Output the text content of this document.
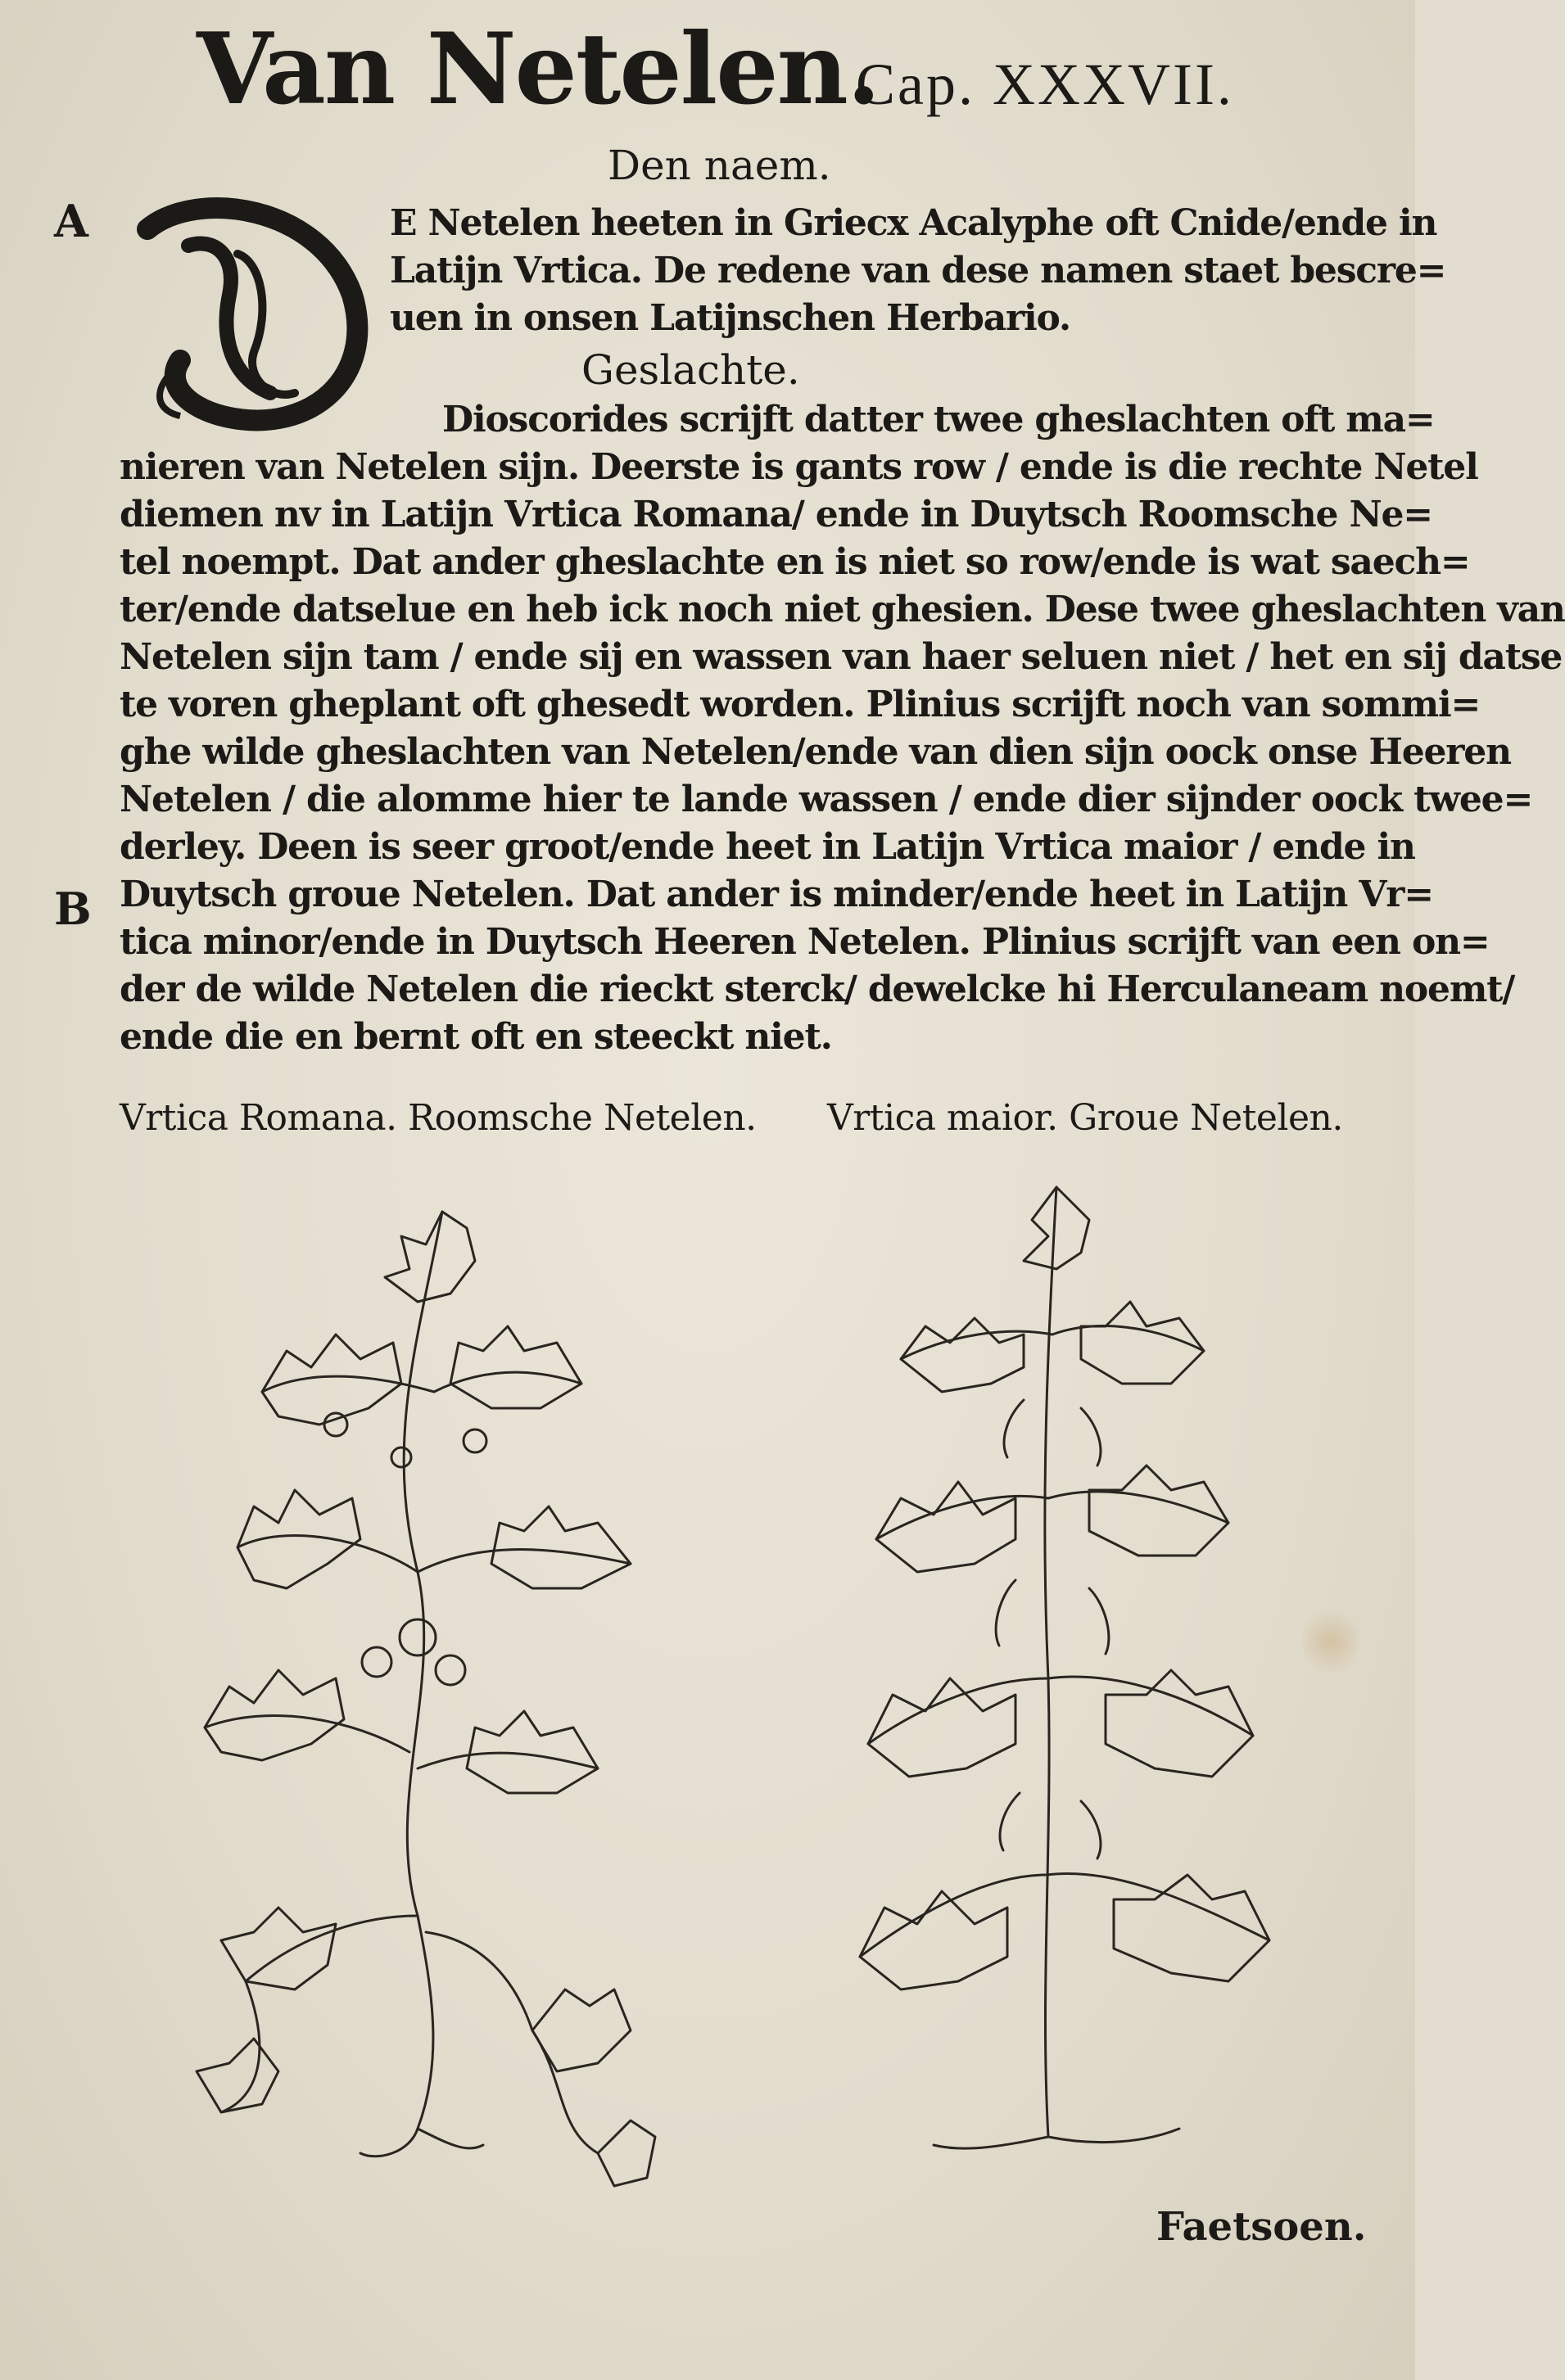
Van Netelen.
Cap. XXXVII.
Den naem.
A
B
E Netelen heeten in Griecx Acalyphe oft Cnide/ende in
Latijn Vrtica. De redene van dese namen staet bescre=
uen in onsen Latijnschen Herbario.
Geslachte.
Dioscorides scrijft datter twee gheslachten oft ma=
nieren van Netelen sijn. Deerste is gants row / ende is die rechte Netel
diemen nv in Latijn Vrtica Romana/ ende in Duytsch Roomsche Ne=
tel noempt. Dat ander gheslachte en is niet so row/ende is wat saech=
ter/ende datselue en heb ick noch niet ghesien. Dese twee gheslachten van
Netelen sijn tam / ende sij en wassen van haer seluen niet / het en sij datse
te voren gheplant oft ghesedt worden. Plinius scrijft noch van sommi=
ghe wilde gheslachten van Netelen/ende van dien sijn oock onse Heeren
Netelen / die alomme hier te lande wassen / ende dier sijnder oock twee=
derley. Deen is seer groot/ende heet in Latijn Vrtica maior / ende in
Duytsch groue Netelen. Dat ander is minder/ende heet in Latijn Vr=
tica minor/ende in Duytsch Heeren Netelen. Plinius scrijft van een on=
der de wilde Netelen die rieckt sterck/ dewelcke hi Herculaneam noemt/
ende die en bernt oft en steeckt niet.
Vrtica Romana. Roomsche Netelen. Vrtica maior. Groue Netelen.
Faetsoen.
